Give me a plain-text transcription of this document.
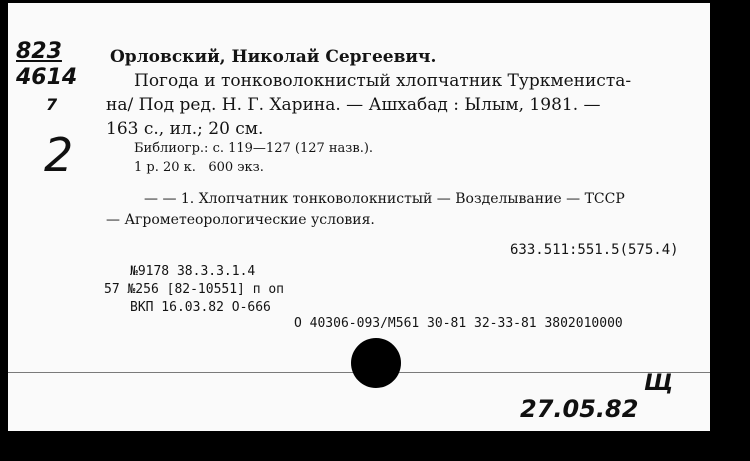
823
4614
7
2
Орловский, Николай Сергеевич.
Погода и тонковолокнистый хлопчатник Туркмениста-
на/ Под ред. Н. Г. Харина. — Ашхабад : Ылым, 1981. —
163 с., ил.; 20 см.
Библиогр.: с. 119—127 (127 назв.).
1 р. 20 к.   600 экз.
— — 1. Хлопчатник тонковолокнистый — Возделывание — ТССР
— Агрометеорологические условия.
633.511:551.5(575.4)
№9178 38.3.3.1.4
57 №256 [82-10551] п оп
ВКП 16.03.82 О-666
О 40306-093/М561 30-81 32-33-81 3802010000
Щ
27.05.82
